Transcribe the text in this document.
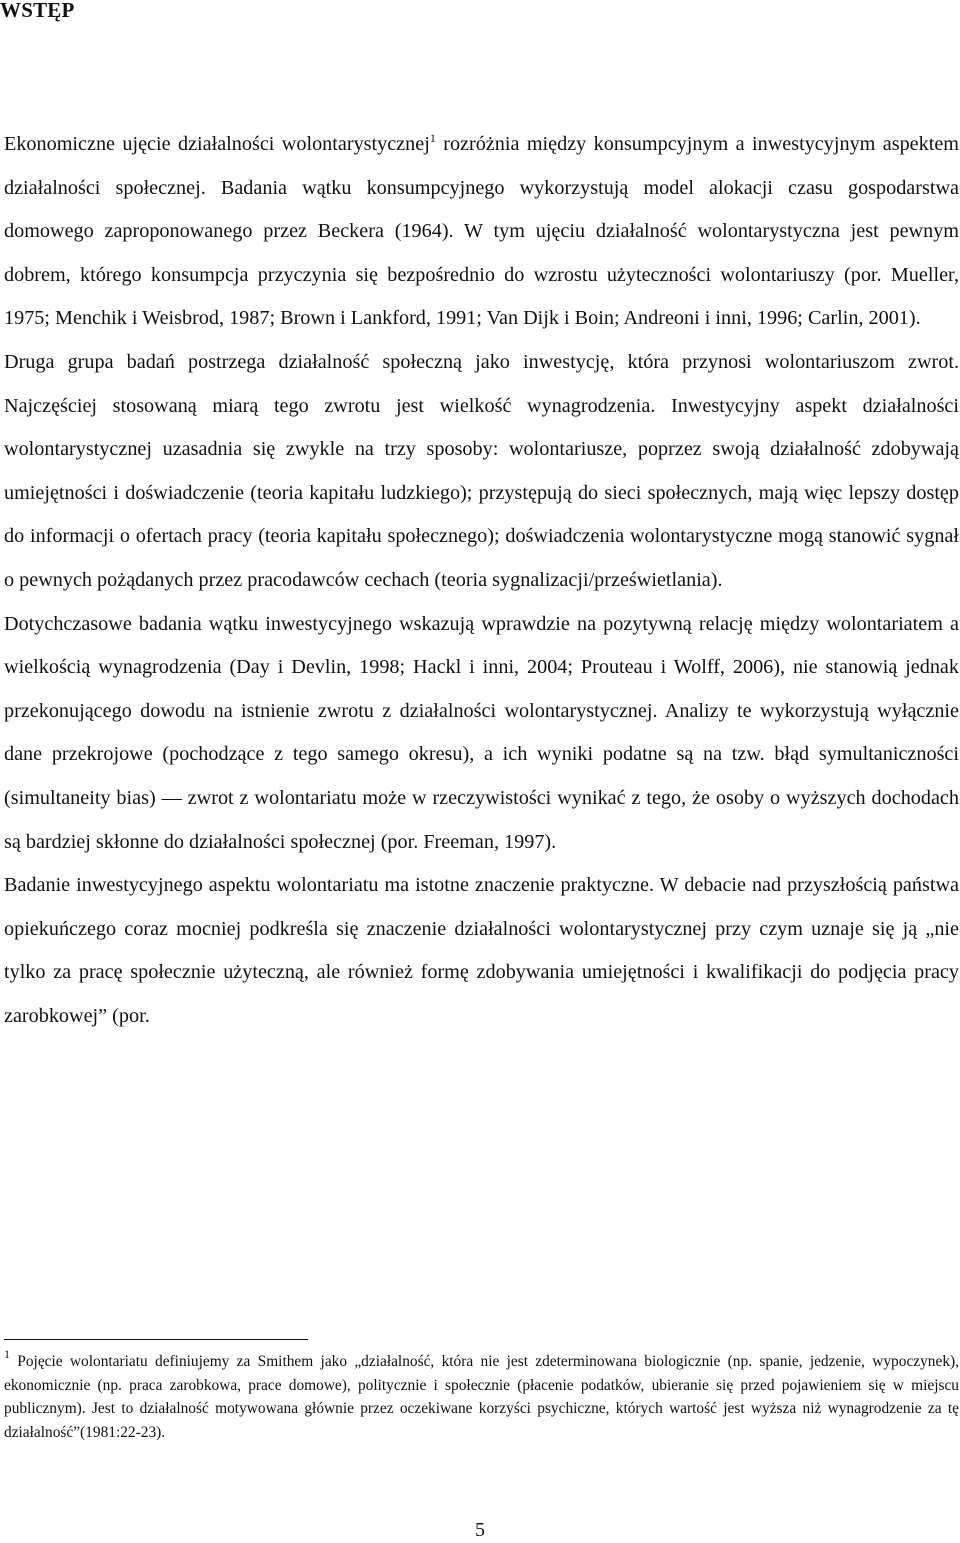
WSTĘP

Ekonomiczne ujęcie działalności wolontarystycznej$^1$ rozróżnia między konsumpcyjnym a inwestycyjnym aspektem działalności społecznej. Badania wątku konsumpcyjnego wykorzystują model alokacji czasu gospodarstwa domowego zaproponowanego przez Beckera (1964). W tym ujęciu działalność wolontarystyczna jest pewnym dobrem, którego konsumpcja przyczynia się bezpośrednio do wzrostu użyteczności wolontariuszy (por. Mueller, 1975; Menchik i Weisbrod, 1987; Brown i Lankford, 1991; Van Dijk i Boin; Andreoni i inni, 1996; Carlin, 2001).

Druga grupa badań postrzega działalność społeczną jako inwestycję, która przynosi wolontariuszom zwrot. Najczęściej stosowaną miarą tego zwrotu jest wielkość wynagrodzenia. Inwestycyjny aspekt działalności wolontarystycznej uzasadnia się zwykle na trzy sposoby: wolontariusze, poprzez swoją działalność zdobywają umiejętności i doświadczenie (teoria kapitału ludzkiego); przystępują do sieci społecznych, mają więc lepszy dostęp do informacji o ofertach pracy (teoria kapitału społecznego); doświadczenia wolontarystyczne mogą stanowić sygnał o pewnych pożądanych przez pracodawców cechach (teoria sygnalizacji/prześwietlania).

Dotychczasowe badania wątku inwestycyjnego wskazują wprawdzie na pozytywną relację między wolontariatem a wielkością wynagrodzenia (Day i Devlin, 1998; Hackl i inni, 2004; Prouteau i Wolff, 2006), nie stanowią jednak przekonującego dowodu na istnienie zwrotu z działalności wolontarystycznej. Analizy te wykorzystują wyłącznie dane przekrojowe (pochodzące z tego samego okresu), a ich wyniki podatne są na tzw. błąd symultaniczności (simultaneity bias) ― zwrot z wolontariatu może w rzeczywistości wynikać z tego, że osoby o wyższych dochodach są bardziej skłonne do działalności społecznej (por. Freeman, 1997).

Badanie inwestycyjnego aspektu wolontariatu ma istotne znaczenie praktyczne. W debacie nad przyszłością państwa opiekuńczego coraz mocniej podkreśla się znaczenie działalności wolontarystycznej przy czym uznaje się ją „nie tylko za pracę społecznie użyteczną, ale również formę zdobywania umiejętności i kwalifikacji do podjęcia pracy zarobkowej” (por.

$^1$ Pojęcie wolontariatu definiujemy za Smithem jako „działalność, która nie jest zdeterminowana biologicznie (np. spanie, jedzenie, wypoczynek), ekonomicznie (np. praca zarobkowa, prace domowe), politycznie i społecznie (płacenie podatków, ubieranie się przed pojawieniem się w miejscu publicznym). Jest to działalność motywowana głównie przez oczekiwane korzyści psychiczne, których wartość jest wyższa niż wynagrodzenie za tę działalność”(1981:22-23).

5
